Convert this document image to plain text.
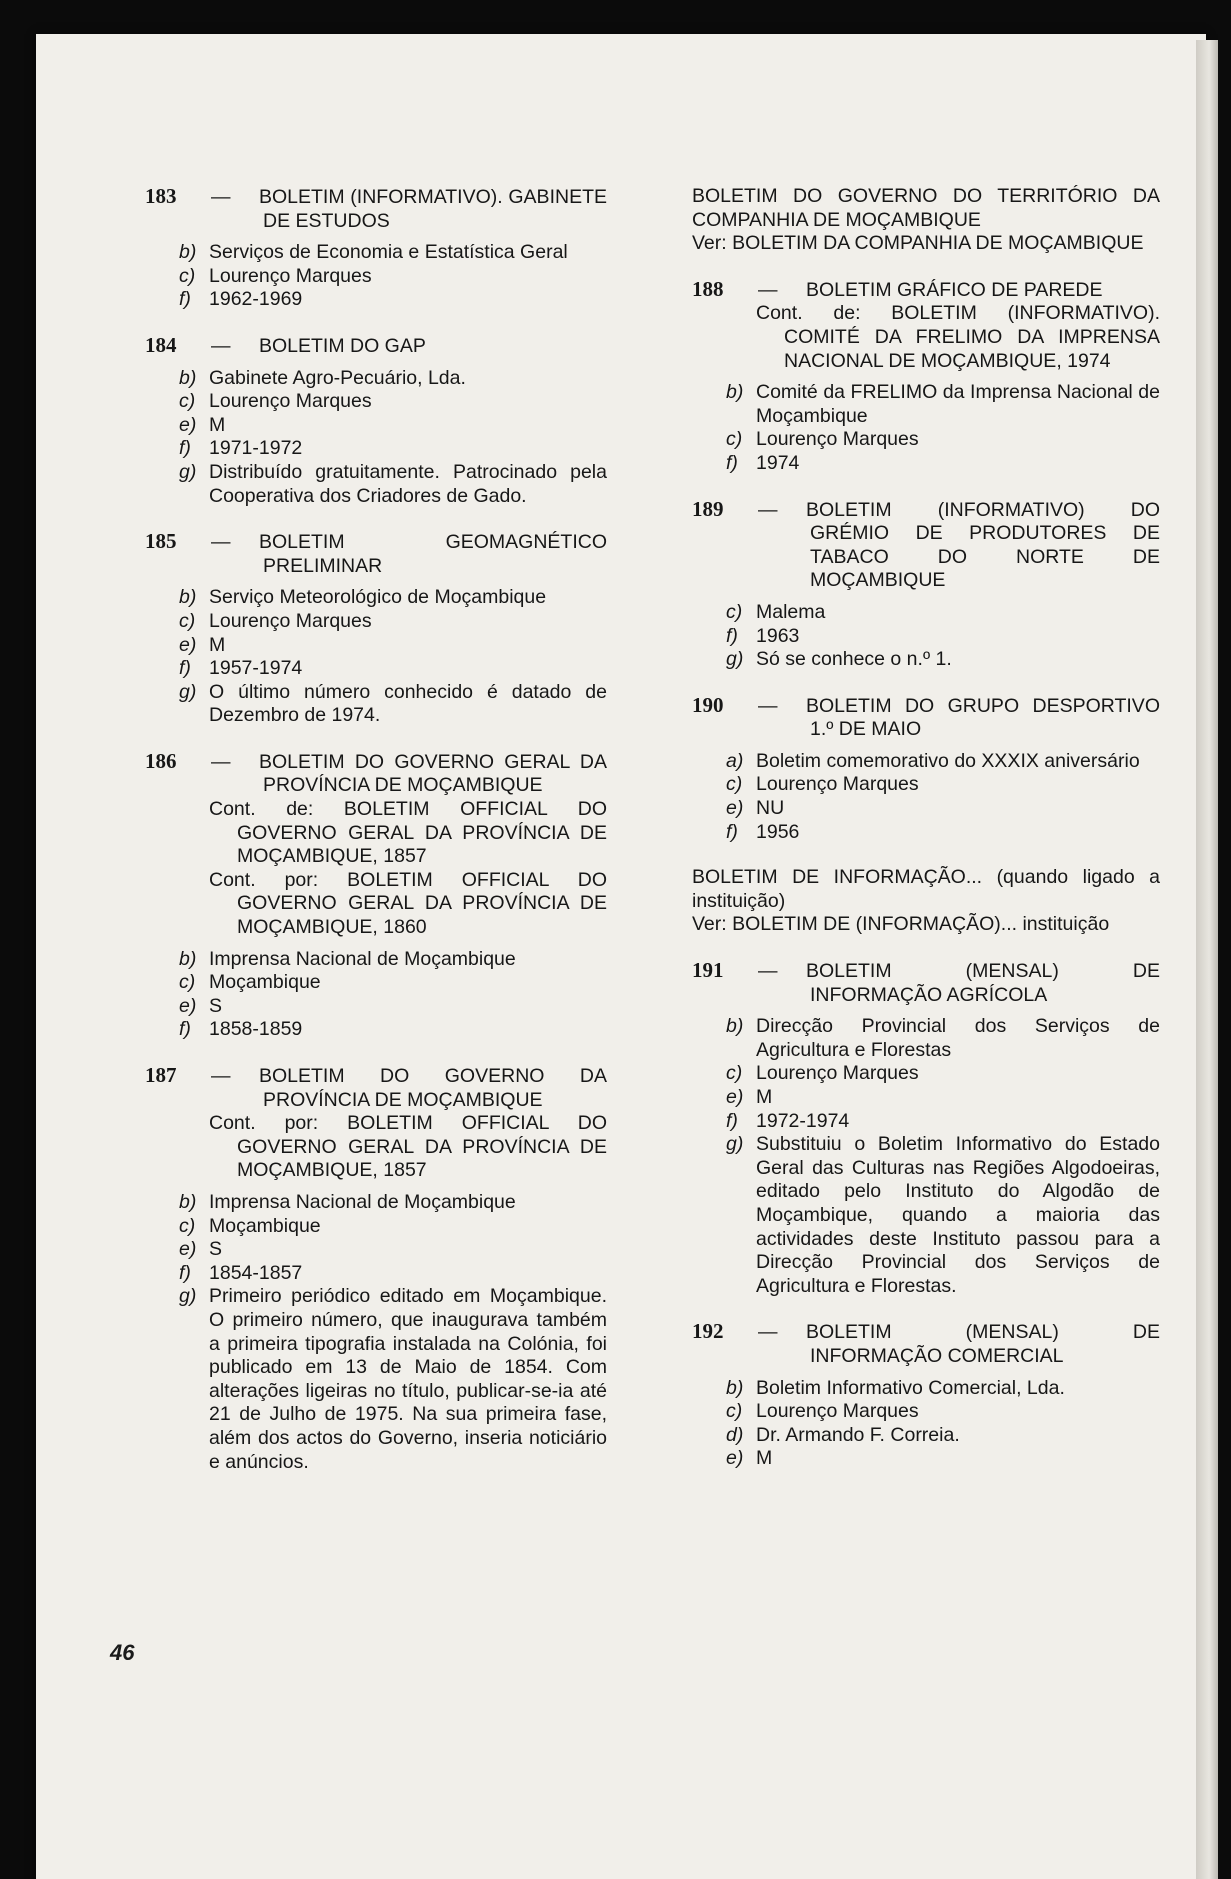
183 — BOLETIM (INFORMATIVO). GABINETE DE ESTUDOS
b) Serviços de Economia e Estatística Geral
c) Lourenço Marques
f) 1962-1969
184 — BOLETIM DO GAP
b) Gabinete Agro-Pecuário, Lda.
c) Lourenço Marques
e) M
f) 1971-1972
g) Distribuído gratuitamente. Patrocinado pela Cooperativa dos Criadores de Gado.
185 — BOLETIM GEOMAGNÉTICO PRELIMINAR
b) Serviço Meteorológico de Moçambique
c) Lourenço Marques
e) M
f) 1957-1974
g) O último número conhecido é datado de Dezembro de 1974.
186 — BOLETIM DO GOVERNO GERAL DA PROVÍNCIA DE MOÇAMBIQUE
Cont. de: BOLETIM OFFICIAL DO GOVERNO GERAL DA PROVÍNCIA DE MOÇAMBIQUE, 1857
Cont. por: BOLETIM OFFICIAL DO GOVERNO GERAL DA PROVÍNCIA DE MOÇAMBIQUE, 1860
b) Imprensa Nacional de Moçambique
c) Moçambique
e) S
f) 1858-1859
187 — BOLETIM DO GOVERNO DA PROVÍNCIA DE MOÇAMBIQUE
Cont. por: BOLETIM OFFICIAL DO GOVERNO GERAL DA PROVÍNCIA DE MOÇAMBIQUE, 1857
b) Imprensa Nacional de Moçambique
c) Moçambique
e) S
f) 1854-1857
g) Primeiro periódico editado em Moçambique. O primeiro número, que inaugurava também a primeira tipografia instalada na Colónia, foi publicado em 13 de Maio de 1854. Com alterações ligeiras no título, publicar-se-ia até 21 de Julho de 1975. Na sua primeira fase, além dos actos do Governo, inseria noticiário e anúncios.
BOLETIM DO GOVERNO DO TERRITÓRIO DA COMPANHIA DE MOÇAMBIQUE
Ver: BOLETIM DA COMPANHIA DE MOÇAMBIQUE
188 — BOLETIM GRÁFICO DE PAREDE
Cont. de: BOLETIM (INFORMATIVO). COMITÉ DA FRELIMO DA IMPRENSA NACIONAL DE MOÇAMBIQUE, 1974
b) Comité da FRELIMO da Imprensa Nacional de Moçambique
c) Lourenço Marques
f) 1974
189 — BOLETIM (INFORMATIVO) DO GRÉMIO DE PRODUTORES DE TABACO DO NORTE DE MOÇAMBIQUE
c) Malema
f) 1963
g) Só se conhece o n.º 1.
190 — BOLETIM DO GRUPO DESPORTIVO 1.º DE MAIO
a) Boletim comemorativo do XXXIX aniversário
c) Lourenço Marques
e) NU
f) 1956
BOLETIM DE INFORMAÇÃO... (quando ligado a instituição)
Ver: BOLETIM DE (INFORMAÇÃO)... instituição
191 — BOLETIM (MENSAL) DE INFORMAÇÃO AGRÍCOLA
b) Direcção Provincial dos Serviços de Agricultura e Florestas
c) Lourenço Marques
e) M
f) 1972-1974
g) Substituiu o Boletim Informativo do Estado Geral das Culturas nas Regiões Algodoeiras, editado pelo Instituto do Algodão de Moçambique, quando a maioria das actividades deste Instituto passou para a Direcção Provincial dos Serviços de Agricultura e Florestas.
192 — BOLETIM (MENSAL) DE INFORMAÇÃO COMERCIAL
b) Boletim Informativo Comercial, Lda.
c) Lourenço Marques
d) Dr. Armando F. Correia.
e) M
46
